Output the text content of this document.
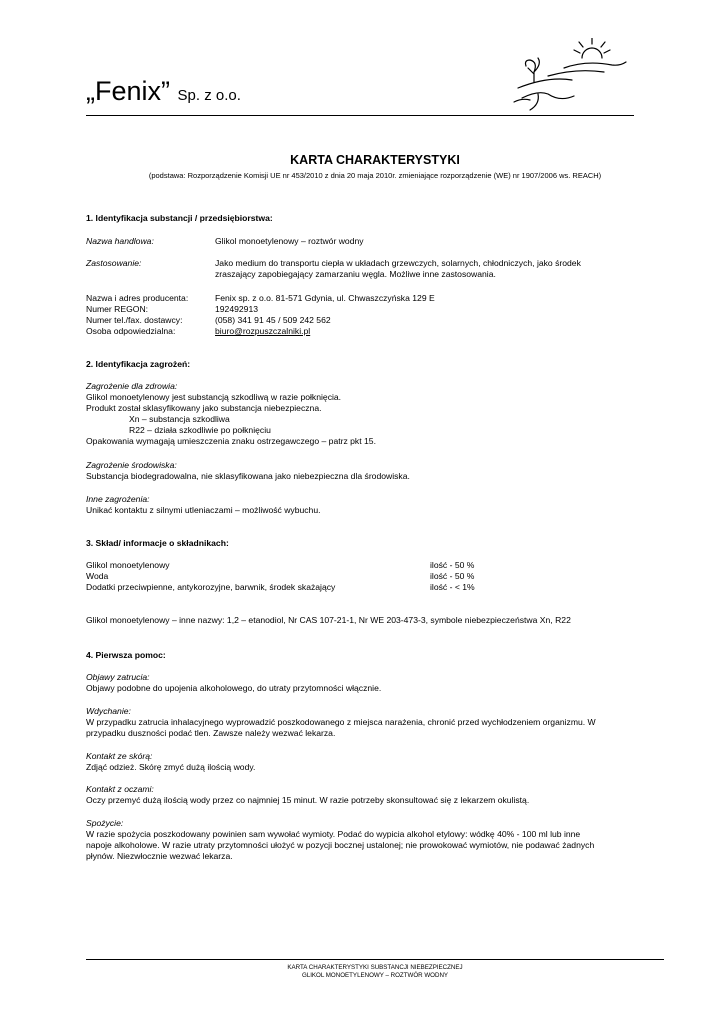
„Fenix” Sp. z o.o.
KARTA CHARAKTERYSTYKI
(podstawa: Rozporządzenie Komisji UE nr 453/2010 z dnia 20 maja 2010r. zmieniające rozporządzenie (WE) nr 1907/2006 ws. REACH)
1. Identyfikacja substancji / przedsiębiorstwa:
Nazwa handlowa:	Glikol monoetylenowy – roztwór wodny
Zastosowanie:	Jako medium do transportu ciepła w układach grzewczych, solarnych, chłodniczych, jako środek
zraszający zapobiegający zamarzaniu węgla. Możliwe inne zastosowania.
Nazwa i adres producenta:	Fenix sp. z o.o. 81-571 Gdynia, ul. Chwaszczyńska 129 E
Numer REGON:	192492913
Numer tel./fax. dostawcy:	(058) 341 91 45 / 509 242 562
Osoba odpowiedzialna:	biuro@rozpuszczalniki.pl
2. Identyfikacja zagrożeń:
Zagrożenie dla zdrowia:
Glikol monoetylenowy jest substancją szkodliwą w razie połknięcia.
Produkt został sklasyfikowany jako substancja niebezpieczna.
Xn – substancja szkodliwa
R22 – działa szkodliwie po połknięciu
Opakowania wymagają umieszczenia znaku ostrzegawczego – patrz pkt 15.
Zagrożenie środowiska:
Substancja biodegradowalna, nie sklasyfikowana jako niebezpieczna dla środowiska.
Inne zagrożenia:
Unikać kontaktu z silnymi utleniaczami – możliwość wybuchu.
3. Skład/ informacje o składnikach:
Glikol monoetylenowy	ilość - 50 %
Woda	ilość - 50 %
Dodatki przeciwpienne, antykorozyjne, barwnik, środek skażający	ilość - < 1%
Glikol monoetylenowy – inne nazwy: 1,2 – etanodiol, Nr CAS 107-21-1, Nr WE 203-473-3, symbole niebezpieczeństwa Xn, R22
4. Pierwsza pomoc:
Objawy zatrucia:
Objawy podobne do upojenia alkoholowego, do utraty przytomności włącznie.
Wdychanie:
W przypadku zatrucia inhalacyjnego wyprowadzić poszkodowanego z miejsca narażenia, chronić przed wychłodzeniem organizmu. W
przypadku duszności podać tlen. Zawsze należy wezwać lekarza.
Kontakt ze skórą:
Zdjąć odzież. Skórę zmyć dużą ilością wody.
Kontakt z oczami:
Oczy przemyć dużą ilością wody przez co najmniej 15 minut. W razie potrzeby skonsultować się z lekarzem okulistą.
Spożycie:
W razie spożycia poszkodowany powinien sam wywołać wymioty. Podać do wypicia alkohol etylowy: wódkę 40% - 100 ml lub inne
napoje alkoholowe. W razie utraty przytomności ułożyć w pozycji bocznej ustalonej; nie prowokować wymiotów, nie podawać żadnych
płynów. Niezwłocznie wezwać lekarza.
KARTA CHARAKTERYSTYKI SUBSTANCJI NIEBEZPIECZNEJ
GLIKOL MONOETYLENOWY – ROZTWÓR WODNY
